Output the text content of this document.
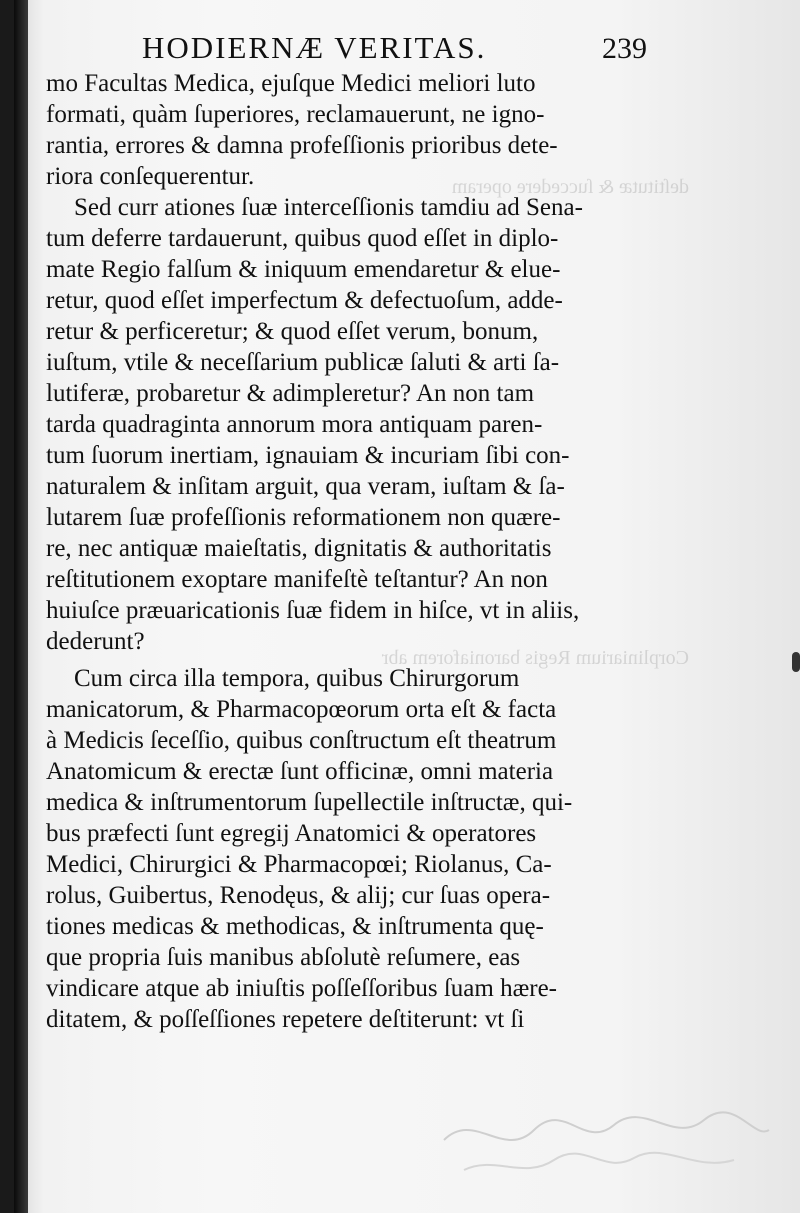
deſtitutæ & ſuccedere operam
Corpliniarium Regis baroniaforem abr
HODIERNÆ VERITAS.	239
mo Facultas Medica, ejuſque Medici meliori luto
formati, quàm ſuperiores, reclamauerunt, ne igno-
rantia, errores & damna profeſſionis prioribus dete-
riora conſequerentur.
Sed curr ationes ſuæ interceſſionis tamdiu ad Sena-
tum deferre tardauerunt, quibus quod eſſet in diplo-
mate Regio falſum & iniquum emendaretur & elue-
retur, quod eſſet imperfectum & defectuoſum, adde-
retur & perficeretur; & quod eſſet verum, bonum,
iuſtum, vtile & neceſſarium publicæ ſaluti & arti ſa-
lutiferæ, probaretur & adimpleretur? An non tam
tarda quadraginta annorum mora antiquam paren-
tum ſuorum inertiam, ignauiam & incuriam ſibi con-
naturalem & inſitam arguit, qua veram, iuſtam & ſa-
lutarem ſuæ profeſſionis reformationem non quære-
re, nec antiquæ maieſtatis, dignitatis & authoritatis
reſtitutionem exoptare manifeſtè teſtantur? An non
huiuſce præuaricationis ſuæ fidem in hiſce, vt in aliis,
dederunt?
Cum circa illa tempora, quibus Chirurgorum
manicatorum, & Pharmacopœorum orta eſt & facta
à Medicis ſeceſſio, quibus conſtructum eſt theatrum
Anatomicum & erectæ ſunt officinæ, omni materia
medica & inſtrumentorum ſupellectile inſtructæ, qui-
bus præfecti ſunt egregij Anatomici & operatores
Medici, Chirurgici & Pharmacopœi; Riolanus, Ca-
rolus, Guibertus, Renodęus, & alij; cur ſuas opera-
tiones medicas & methodicas, & inſtrumenta quę-
que propria ſuis manibus abſolutè reſumere, eas
vindicare atque ab iniuſtis poſſeſſoribus ſuam hære-
ditatem, & poſſeſſiones repetere deſtiterunt: vt ſi
